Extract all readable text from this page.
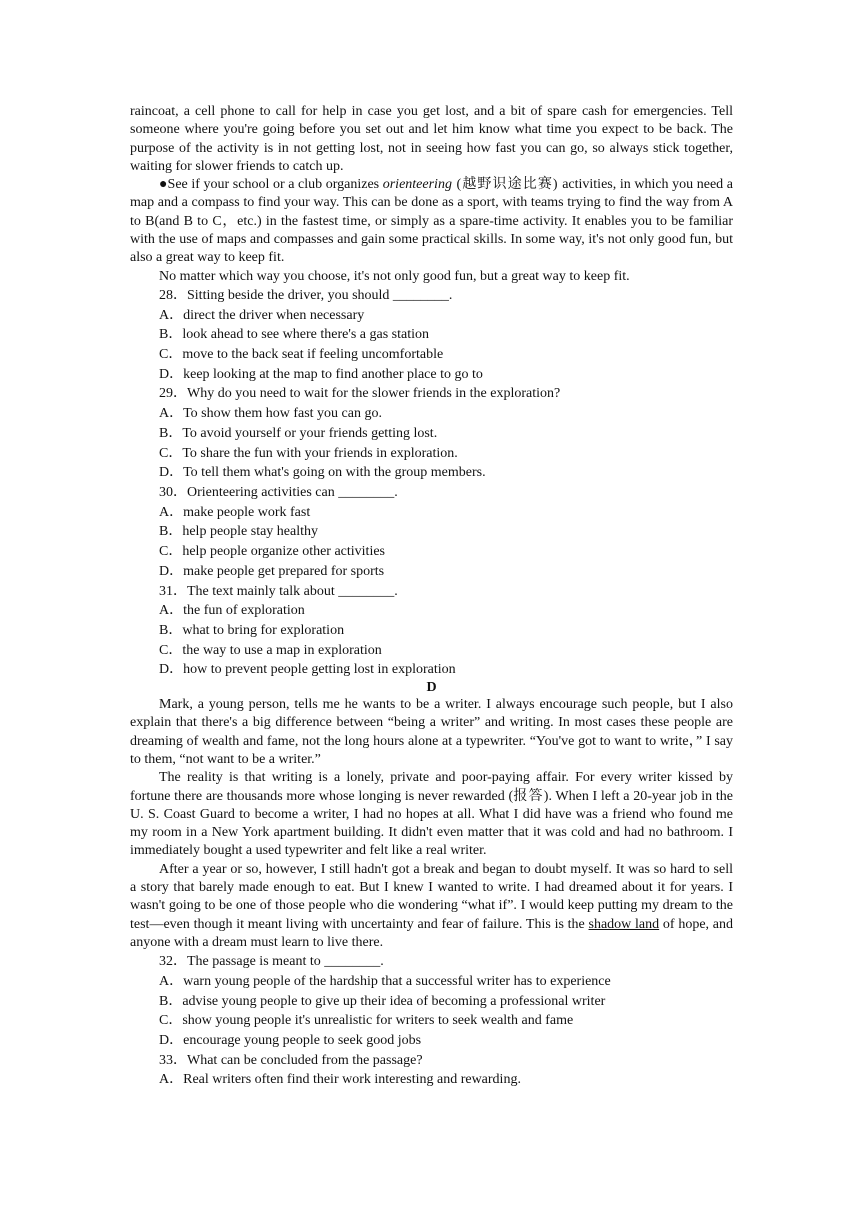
raincoat, a cell phone to call for help in case you get lost, and a bit of spare cash for emergencies. Tell someone where you're going before you set out and let him know what time you expect to be back. The purpose of the activity is in not getting lost, not in seeing how fast you can go, so always stick together, waiting for slower friends to catch up.

●See if your school or a club organizes orienteering (越野识途比赛) activities, in which you need a map and a compass to find your way. This can be done as a sport, with teams trying to find the way from A to B(and B to C，etc.) in the fastest time, or simply as a spare-time activity. It enables you to be familiar with the use of maps and compasses and gain some practical skills. In some way, it's not only good fun, but also a great way to keep fit.

No matter which way you choose, it's not only good fun, but a great way to keep fit.

28．Sitting beside the driver, you should ________.

A．direct the driver when necessary

B．look ahead to see where there's a gas station

C．move to the back seat if feeling uncomfortable

D．keep looking at the map to find another place to go to

29．Why do you need to wait for the slower friends in the exploration?

A．To show them how fast you can go.

B．To avoid yourself or your friends getting lost.

C．To share the fun with your friends in exploration.

D．To tell them what's going on with the group members.

30．Orienteering activities can ________.

A．make people work fast

B．help people stay healthy

C．help people organize other activities

D．make people get prepared for sports

31．The text mainly talk about ________.

A．the fun of exploration

B．what to bring for exploration

C．the way to use a map in exploration

D．how to prevent people getting lost in exploration

D

Mark, a young person, tells me he wants to be a writer. I always encourage such people, but I also explain that there's a big difference between “being a writer” and writing. In most cases these people are dreaming of wealth and fame, not the long hours alone at a typewriter. “You've got to want to write，” I say to them, “not want to be a writer.”

The reality is that writing is a lonely, private and poor-paying affair. For every writer kissed by fortune there are thousands more whose longing is never rewarded (报答). When I left a 20-year job in the U. S. Coast Guard to become a writer, I had no hopes at all. What I did have was a friend who found me my room in a New York apartment building. It didn't even matter that it was cold and had no bathroom. I immediately bought a used typewriter and felt like a real writer.

After a year or so, however, I still hadn't got a break and began to doubt myself. It was so hard to sell a story that barely made enough to eat. But I knew I wanted to write. I had dreamed about it for years. I wasn't going to be one of those people who die wondering “what if”. I would keep putting my dream to the test—even though it meant living with uncertainty and fear of failure. This is the shadow land of hope, and anyone with a dream must learn to live there.

32．The passage is meant to ________.

A．warn young people of the hardship that a successful writer has to experience

B．advise young people to give up their idea of becoming a professional writer

C．show young people it's unrealistic for writers to seek wealth and fame

D．encourage young people to seek good jobs

33．What can be concluded from the passage?

A．Real writers often find their work interesting and rewarding.
